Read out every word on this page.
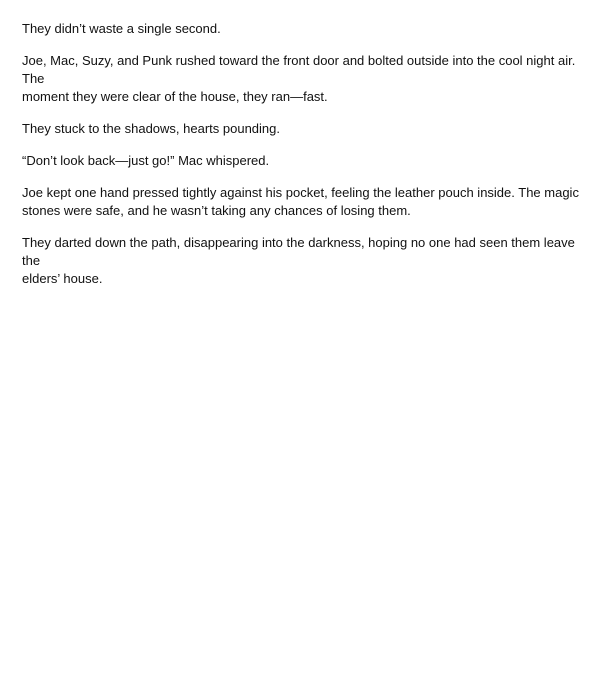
They didn’t waste a single second.

Joe, Mac, Suzy, and Punk rushed toward the front door and bolted outside into the cool night air. The
moment they were clear of the house, they ran—fast.

They stuck to the shadows, hearts pounding.

“Don’t look back—just go!” Mac whispered.

Joe kept one hand pressed tightly against his pocket, feeling the leather pouch inside. The magic
stones were safe, and he wasn’t taking any chances of losing them.

They darted down the path, disappearing into the darkness, hoping no one had seen them leave the
elders’ house.
